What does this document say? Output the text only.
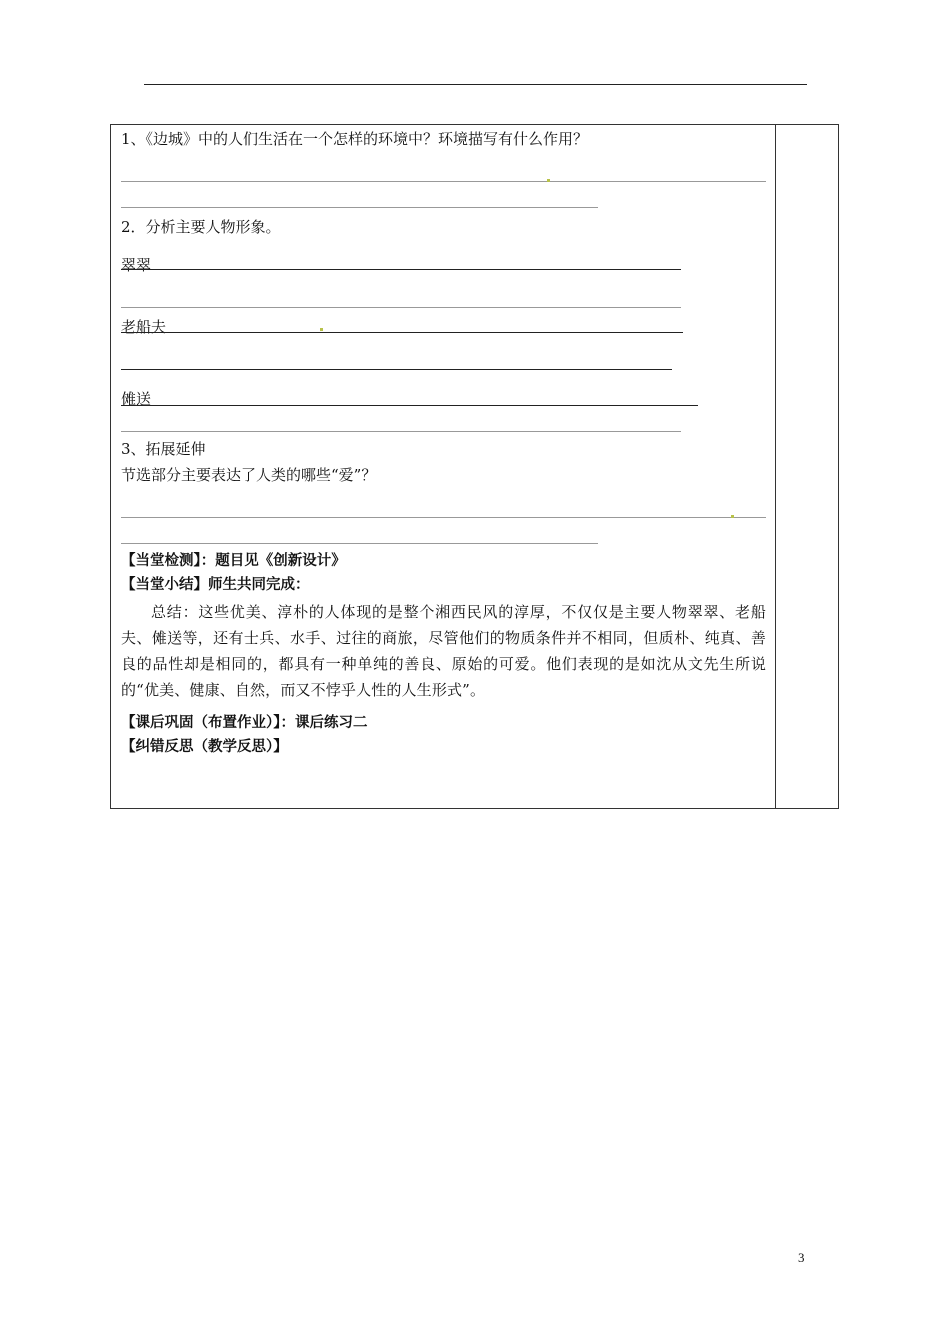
1、《边城》中的人们生活在一个怎样的环境中？环境描写有什么作用？
2．分析主要人物形象。
翠翠
老船夫
傩送
3、拓展延伸
节选部分主要表达了人类的哪些“爱”？
【当堂检测】：题目见《创新设计》
【当堂小结】师生共同完成：
总结：这些优美、淳朴的人体现的是整个湘西民风的淳厚，不仅仅是主要人物翠翠、老船夫、傩送等，还有士兵、水手、过往的商旅，尽管他们的物质条件并不相同，但质朴、纯真、善良的品性却是相同的，都具有一种单纯的善良、原始的可爱。他们表现的是如沈从文先生所说的“优美、健康、自然，而又不悖乎人性的人生形式”。
【课后巩固（布置作业）】：课后练习二
【纠错反思（教学反思）】
3
